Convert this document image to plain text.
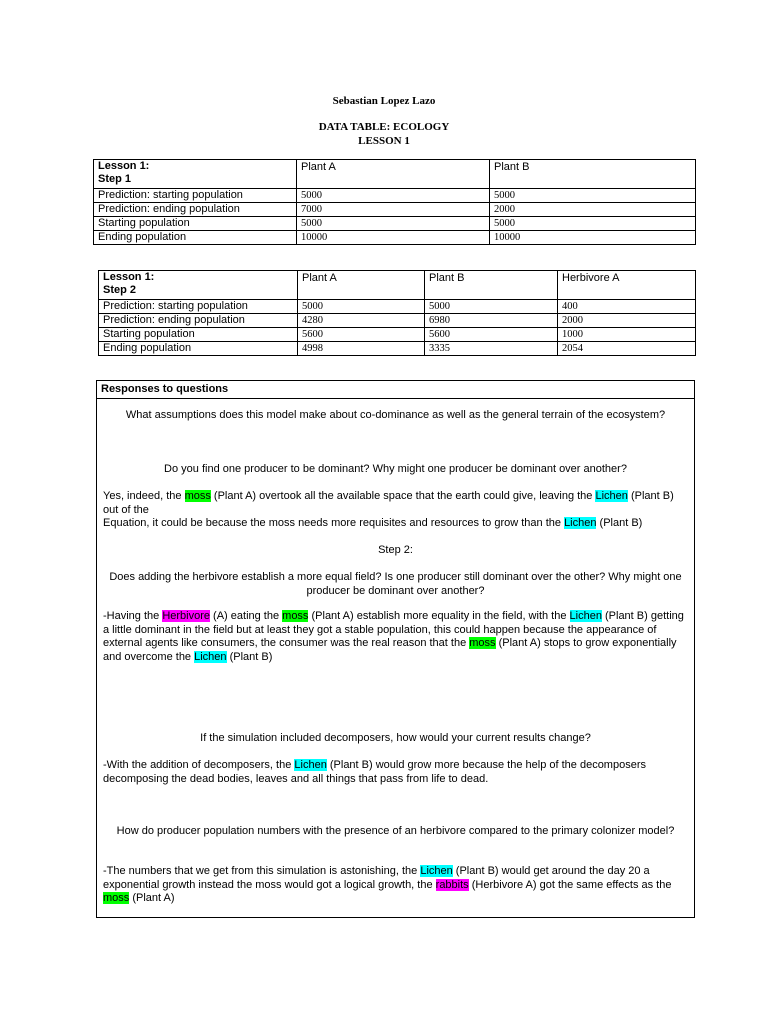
Sebastian Lopez Lazo
DATA TABLE: ECOLOGY
LESSON 1
Lesson 1:
Step 1	Plant A	Plant B
Prediction: starting population	5000	5000
Prediction: ending population	7000	2000
Starting population	5000	5000
Ending population	10000	10000
Lesson 1:
Step 2	Plant A	Plant B	Herbivore A
Prediction: starting population	5000	5000	400
Prediction: ending population	4280	6980	2000
Starting population	5600	5600	1000
Ending population	4998	3335	2054
Responses to questions
What assumptions does this model make about co-dominance as well as the general terrain of the ecosystem?
Do you find one producer to be dominant? Why might one producer be dominant over another?
Yes, indeed, the moss (Plant A) overtook all the available space that the earth could give, leaving the Lichen (Plant B) out of the
Equation, it could be because the moss needs more requisites and resources to grow than the Lichen (Plant B)
Step 2:
Does adding the herbivore establish a more equal field? Is one producer still dominant over the other? Why might one producer be dominant over another?
-Having the Herbivore (A) eating the moss (Plant A) establish more equality in the field, with the Lichen (Plant B) getting a little dominant in the field but at least they got a stable population, this could happen because the appearance of external agents like consumers, the consumer was the real reason that the moss (Plant A) stops to grow exponentially and overcome the Lichen (Plant B)
If the simulation included decomposers, how would your current results change?
-With the addition of decomposers, the Lichen (Plant B) would grow more because the help of the decomposers decomposing the dead bodies, leaves and all things that pass from life to dead.
How do producer population numbers with the presence of an herbivore compared to the primary colonizer model?
-The numbers that we get from this simulation is astonishing, the Lichen (Plant B) would get around the day 20 a exponential growth instead the moss would got a logical growth, the rabbits (Herbivore A) got the same effects as the moss (Plant A)
